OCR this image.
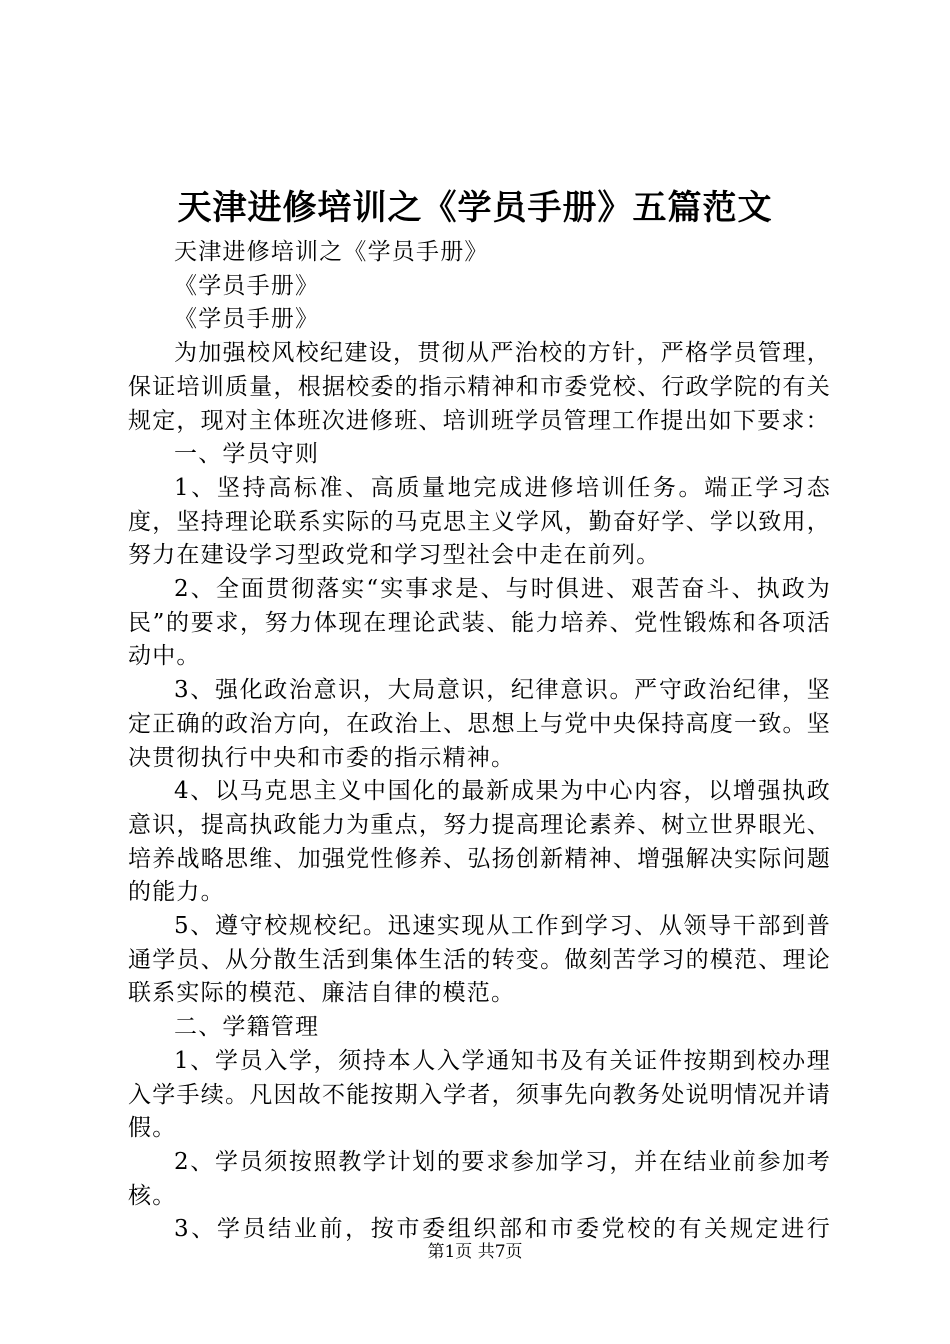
天津进修培训之《学员手册》五篇范文

天津进修培训之《学员手册》

《学员手册》

《学员手册》

为加强校风校纪建设，贯彻从严治校的方针，严格学员管理，保证培训质量，根据校委的指示精神和市委党校、行政学院的有关规定，现对主体班次进修班、培训班学员管理工作提出如下要求：

一、学员守则

1、坚持高标准、高质量地完成进修培训任务。端正学习态度，坚持理论联系实际的马克思主义学风，勤奋好学、学以致用，努力在建设学习型政党和学习型社会中走在前列。

2、全面贯彻落实“实事求是、与时俱进、艰苦奋斗、执政为民”的要求，努力体现在理论武装、能力培养、党性锻炼和各项活动中。

3、强化政治意识，大局意识，纪律意识。严守政治纪律，坚定正确的政治方向，在政治上、思想上与党中央保持高度一致。坚决贯彻执行中央和市委的指示精神。

4、以马克思主义中国化的最新成果为中心内容，以增强执政意识，提高执政能力为重点，努力提高理论素养、树立世界眼光、培养战略思维、加强党性修养、弘扬创新精神、增强解决实际问题的能力。

5、遵守校规校纪。迅速实现从工作到学习、从领导干部到普通学员、从分散生活到集体生活的转变。做刻苦学习的模范、理论联系实际的模范、廉洁自律的模范。

二、学籍管理

1、学员入学，须持本人入学通知书及有关证件按期到校办理入学手续。凡因故不能按期入学者，须事先向教务处说明情况并请假。

2、学员须按照教学计划的要求参加学习，并在结业前参加考核。

3、学员结业前，按市委组织部和市委党校的有关规定进行

第1页 共7页
